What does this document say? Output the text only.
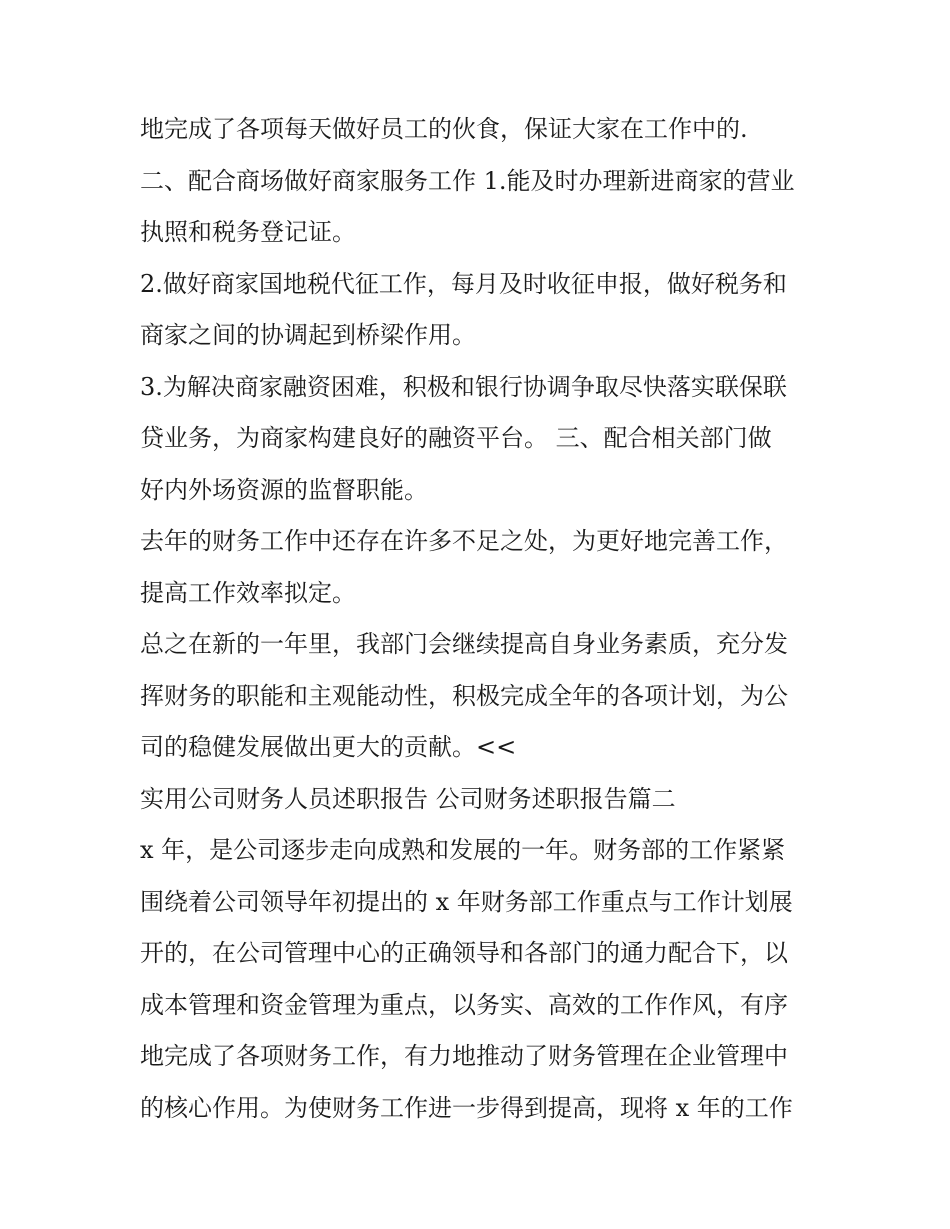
地完成了各项每天做好员工的伙食，保证大家在工作中的.
二、配合商场做好商家服务工作 1.能及时办理新进商家的营业
执照和税务登记证。
2.做好商家国地税代征工作，每月及时收征申报，做好税务和
商家之间的协调起到桥梁作用。
3.为解决商家融资困难，积极和银行协调争取尽快落实联保联
贷业务，为商家构建良好的融资平台。 三、配合相关部门做
好内外场资源的监督职能。
去年的财务工作中还存在许多不足之处，为更好地完善工作，
提高工作效率拟定。
总之在新的一年里，我部门会继续提高自身业务素质，充分发
挥财务的职能和主观能动性，积极完成全年的各项计划，为公
司的稳健发展做出更大的贡献。<<
实用公司财务人员述职报告 公司财务述职报告篇二
x 年，是公司逐步走向成熟和发展的一年。财务部的工作紧紧
围绕着公司领导年初提出的 x 年财务部工作重点与工作计划展
开的，在公司管理中心的正确领导和各部门的通力配合下，以
成本管理和资金管理为重点，以务实、高效的工作作风，有序
地完成了各项财务工作，有力地推动了财务管理在企业管理中
的核心作用。为使财务工作进一步得到提高，现将 x 年的工作
